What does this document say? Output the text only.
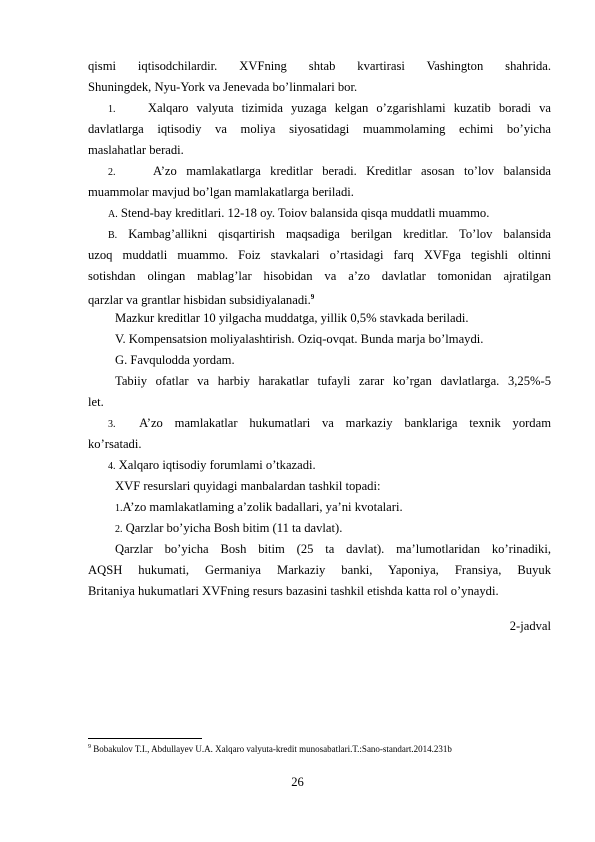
qismi iqtisodchilardir. XVFning shtab kvartirasi Vashington shahrida.
Shuningdek, Nyu-York va Jenevada bo’linmalari bor.
1.	Xalqaro valyuta tizimida yuzaga kelgan o’zgarishlami kuzatib boradi va
davlatlarga iqtisodiy va moliya siyosatidagi muammolaming echimi bo’yicha
maslahatlar beradi.
2.	A’zo mamlakatlarga kreditlar beradi. Kreditlar asosan to’lov balansida
muammolar mavjud bo’lgan mamlakatlarga beriladi.
A. Stend-bay kreditlari. 12-18 oy. Toiov balansida qisqa muddatli muammo.
B. Kambag’allikni qisqartirish maqsadiga berilgan kreditlar. To’lov balansida
uzoq muddatli muammo. Foiz stavkalari o’rtasidagi farq XVFga tegishli oltinni
sotishdan olingan mablag’lar hisobidan va a’zo davlatlar tomonidan ajratilgan
qarzlar va grantlar hisbidan subsidiyalanadi.$^9$
Mazkur kreditlar 10 yilgacha muddatga, yillik 0,5% stavkada beriladi.
V. Kompensatsion moliyalashtirish. Oziq-ovqat. Bunda marja bo’lmaydi.
G. Favqulodda yordam.
Tabiiy ofatlar va harbiy harakatlar tufayli zarar ko’rgan davlatlarga. 3,25%-5
let.
3. A’zo mamlakatlar hukumatlari va markaziy banklariga texnik yordam
ko’rsatadi.
4. Xalqaro iqtisodiy forumlami o’tkazadi.
XVF resurslari quyidagi manbalardan tashkil topadi:
1.A’zo mamlakatlaming a’zolik badallari, ya’ni kvotalari.
2. Qarzlar bo’yicha Bosh bitim (11 ta davlat).
Qarzlar bo’yicha Bosh bitim (25 ta davlat). ma’lumotlaridan ko’rinadiki,
AQSH hukumati, Germaniya Markaziy banki, Yaponiya, Fransiya, Buyuk
Britaniya hukumatlari XVFning resurs bazasini tashkil etishda katta rol o’ynaydi.
2-jadval
$^9$ Bobakulov T.I., Abdullayev U.A. Xalqaro valyuta-kredit munosabatlari.T.:Sano-standart.2014.231b
26
